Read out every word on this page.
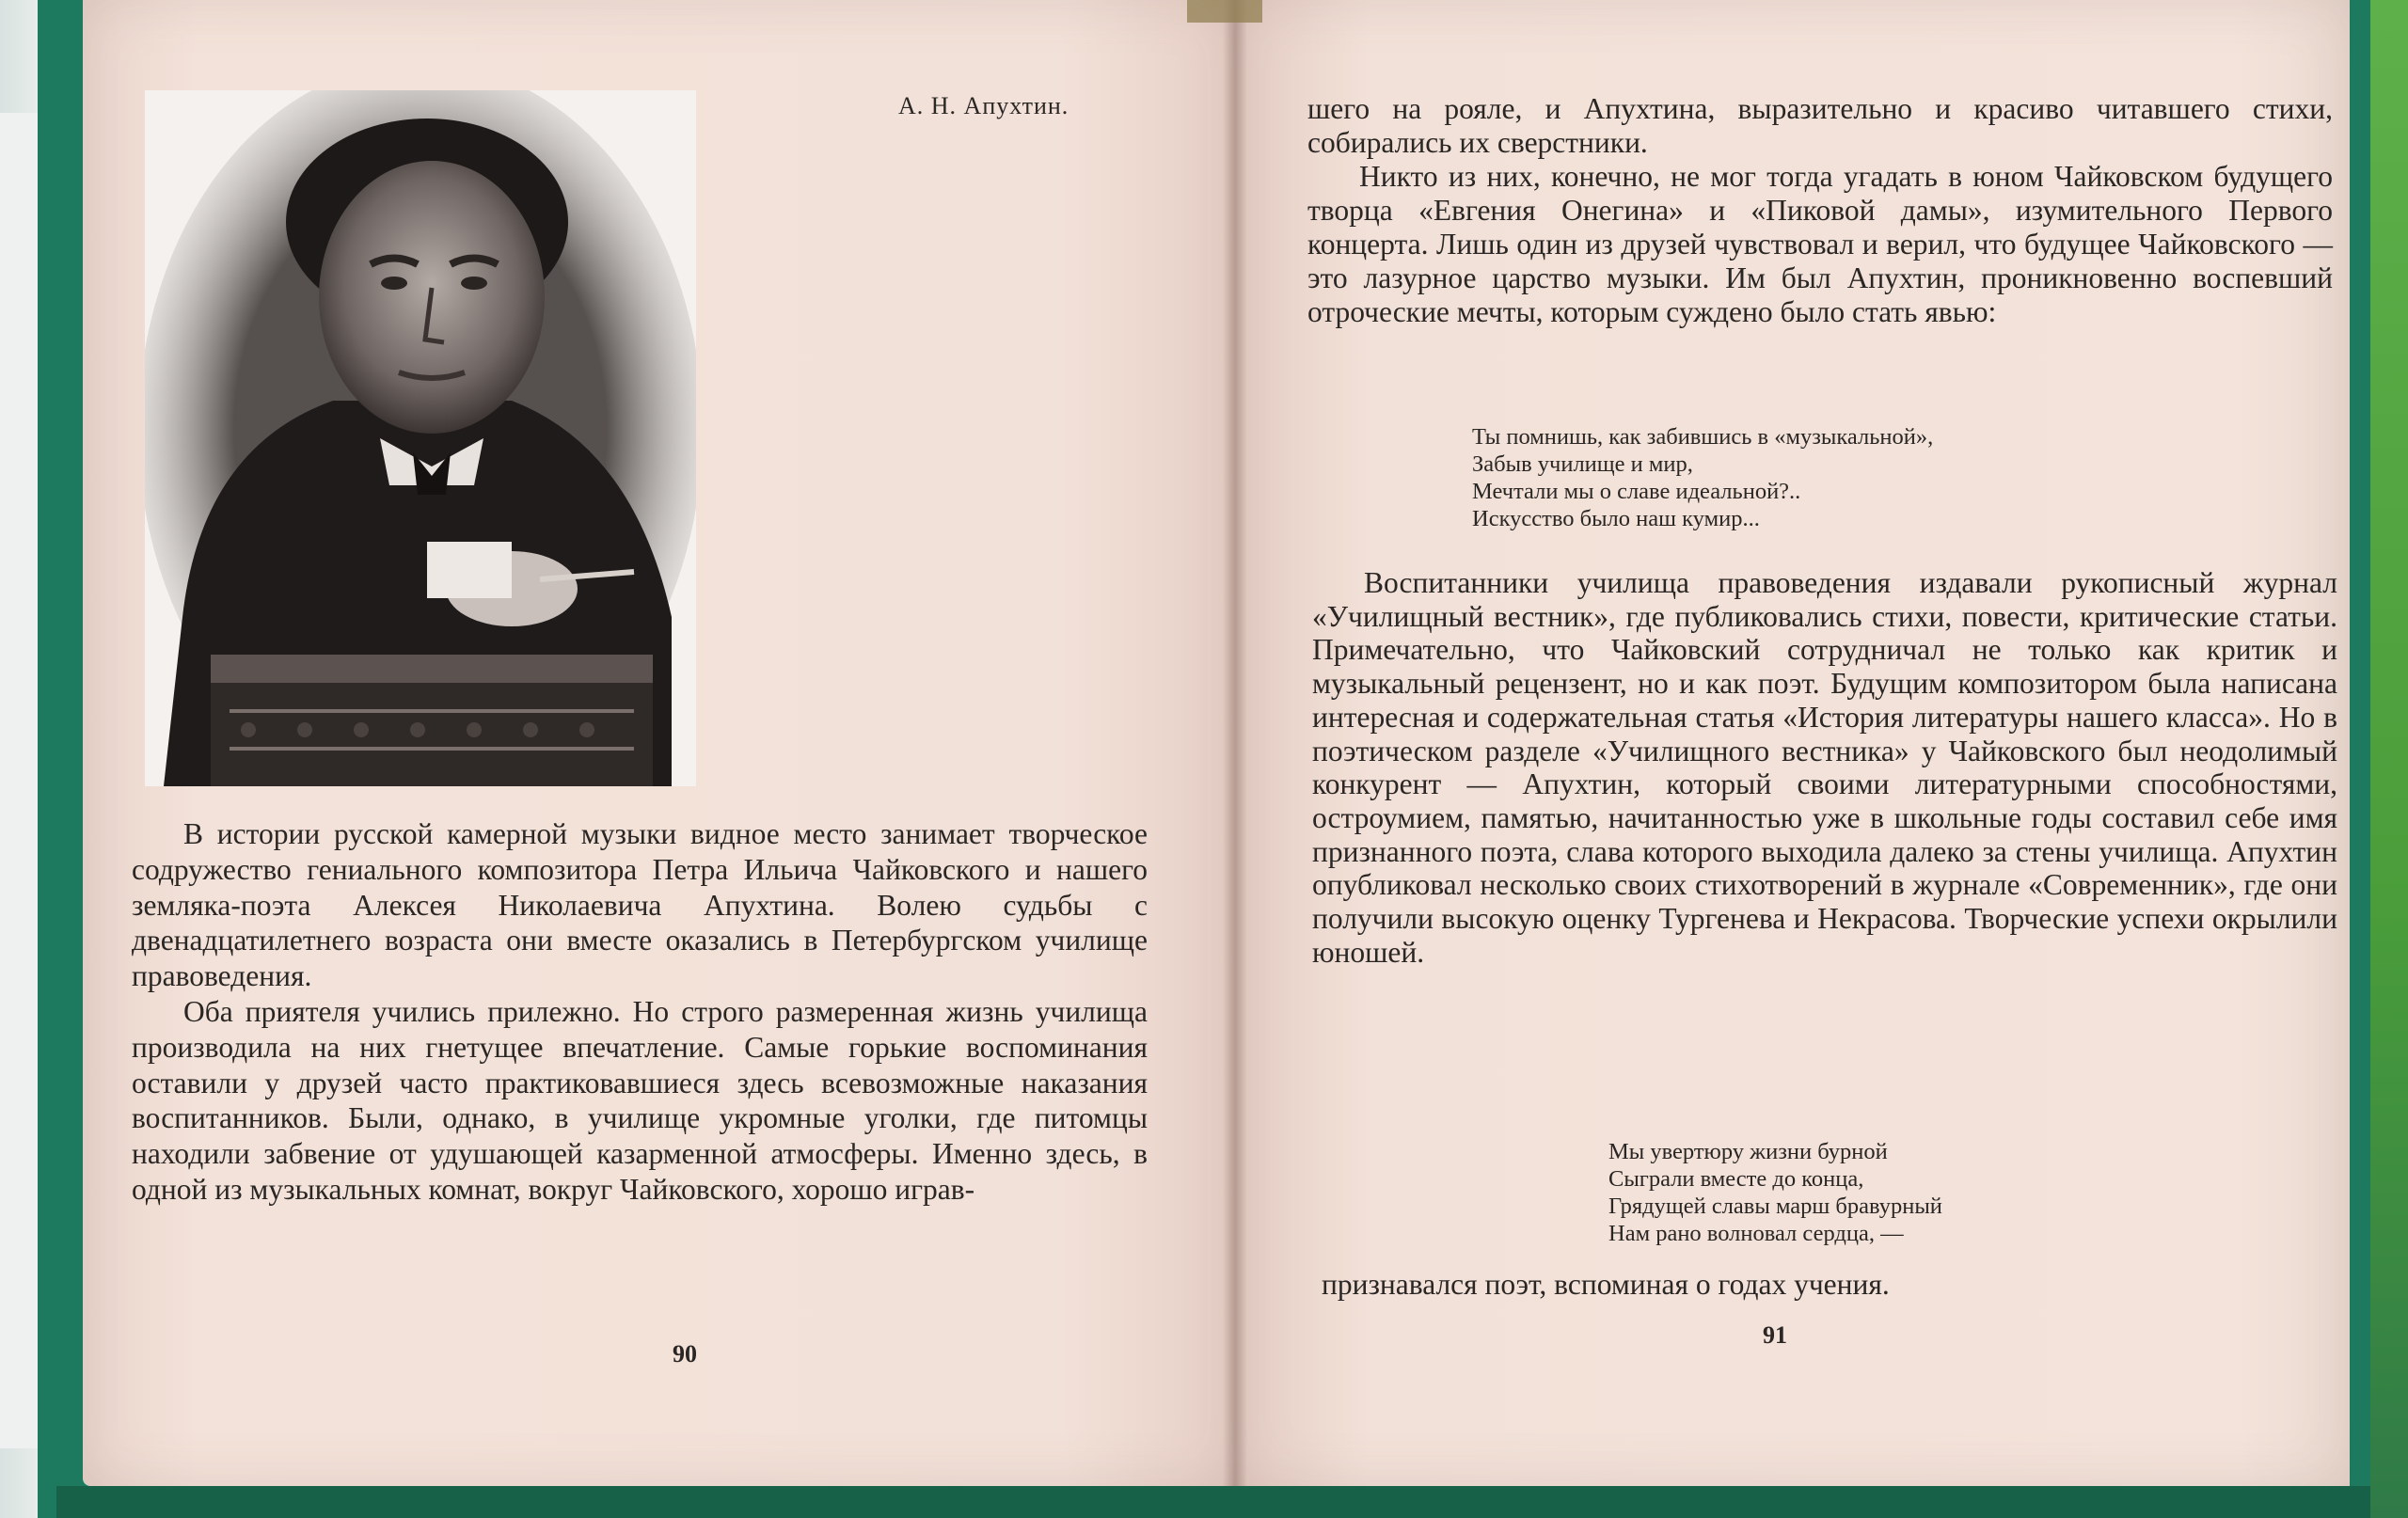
А. Н. Апухтин.

В истории русской камерной музыки видное место занимает творческое содружество гениального композитора Петра Ильича Чайковского и нашего земляка-поэта Алексея Николаевича Апухтина. Волею судьбы с двенадцатилетнего возраста они вместе оказались в Петербургском училище правоведения.

Оба приятеля учились прилежно. Но строго размеренная жизнь училища производила на них гнетущее впечатление. Самые горькие воспоминания оставили у друзей часто практиковавшиеся здесь всевозможные наказания воспитанников. Были, однако, в училище укромные уголки, где питомцы находили забвение от удушающей казарменной атмосферы. Именно здесь, в одной из музыкальных комнат, вокруг Чайковского, хорошо играв-

90

шего на рояле, и Апухтина, выразительно и красиво читавшего стихи, собирались их сверстники.

Никто из них, конечно, не мог тогда угадать в юном Чайковском будущего творца «Евгения Онегина» и «Пиковой дамы», изумительного Первого концерта. Лишь один из друзей чувствовал и верил, что будущее Чайковского — это лазурное царство музыки. Им был Апухтин, проникновенно воспевший отроческие мечты, которым суждено было стать явью:

Ты помнишь, как забившись в «музыкальной»,
Забыв училище и мир,
Мечтали мы о славе идеальной?..
Искусство было наш кумир...

Воспитанники училища правоведения издавали рукописный журнал «Училищный вестник», где публиковались стихи, повести, критические статьи. Примечательно, что Чайковский сотрудничал не только как критик и музыкальный рецензент, но и как поэт. Будущим композитором была написана интересная и содержательная статья «История литературы нашего класса». Но в поэтическом разделе «Училищного вестника» у Чайковского был неодолимый конкурент — Апухтин, который своими литературными способностями, остроумием, памятью, начитанностью уже в школьные годы составил себе имя признанного поэта, слава которого выходила далеко за стены училища. Апухтин опубликовал несколько своих стихотворений в журнале «Современник», где они получили высокую оценку Тургенева и Некрасова. Творческие успехи окрылили юношей.

Мы увертюру жизни бурной
Сыграли вместе до конца,
Грядущей славы марш бравурный
Нам рано волновал сердца, —
признавался поэт, вспоминая о годах учения.
91
